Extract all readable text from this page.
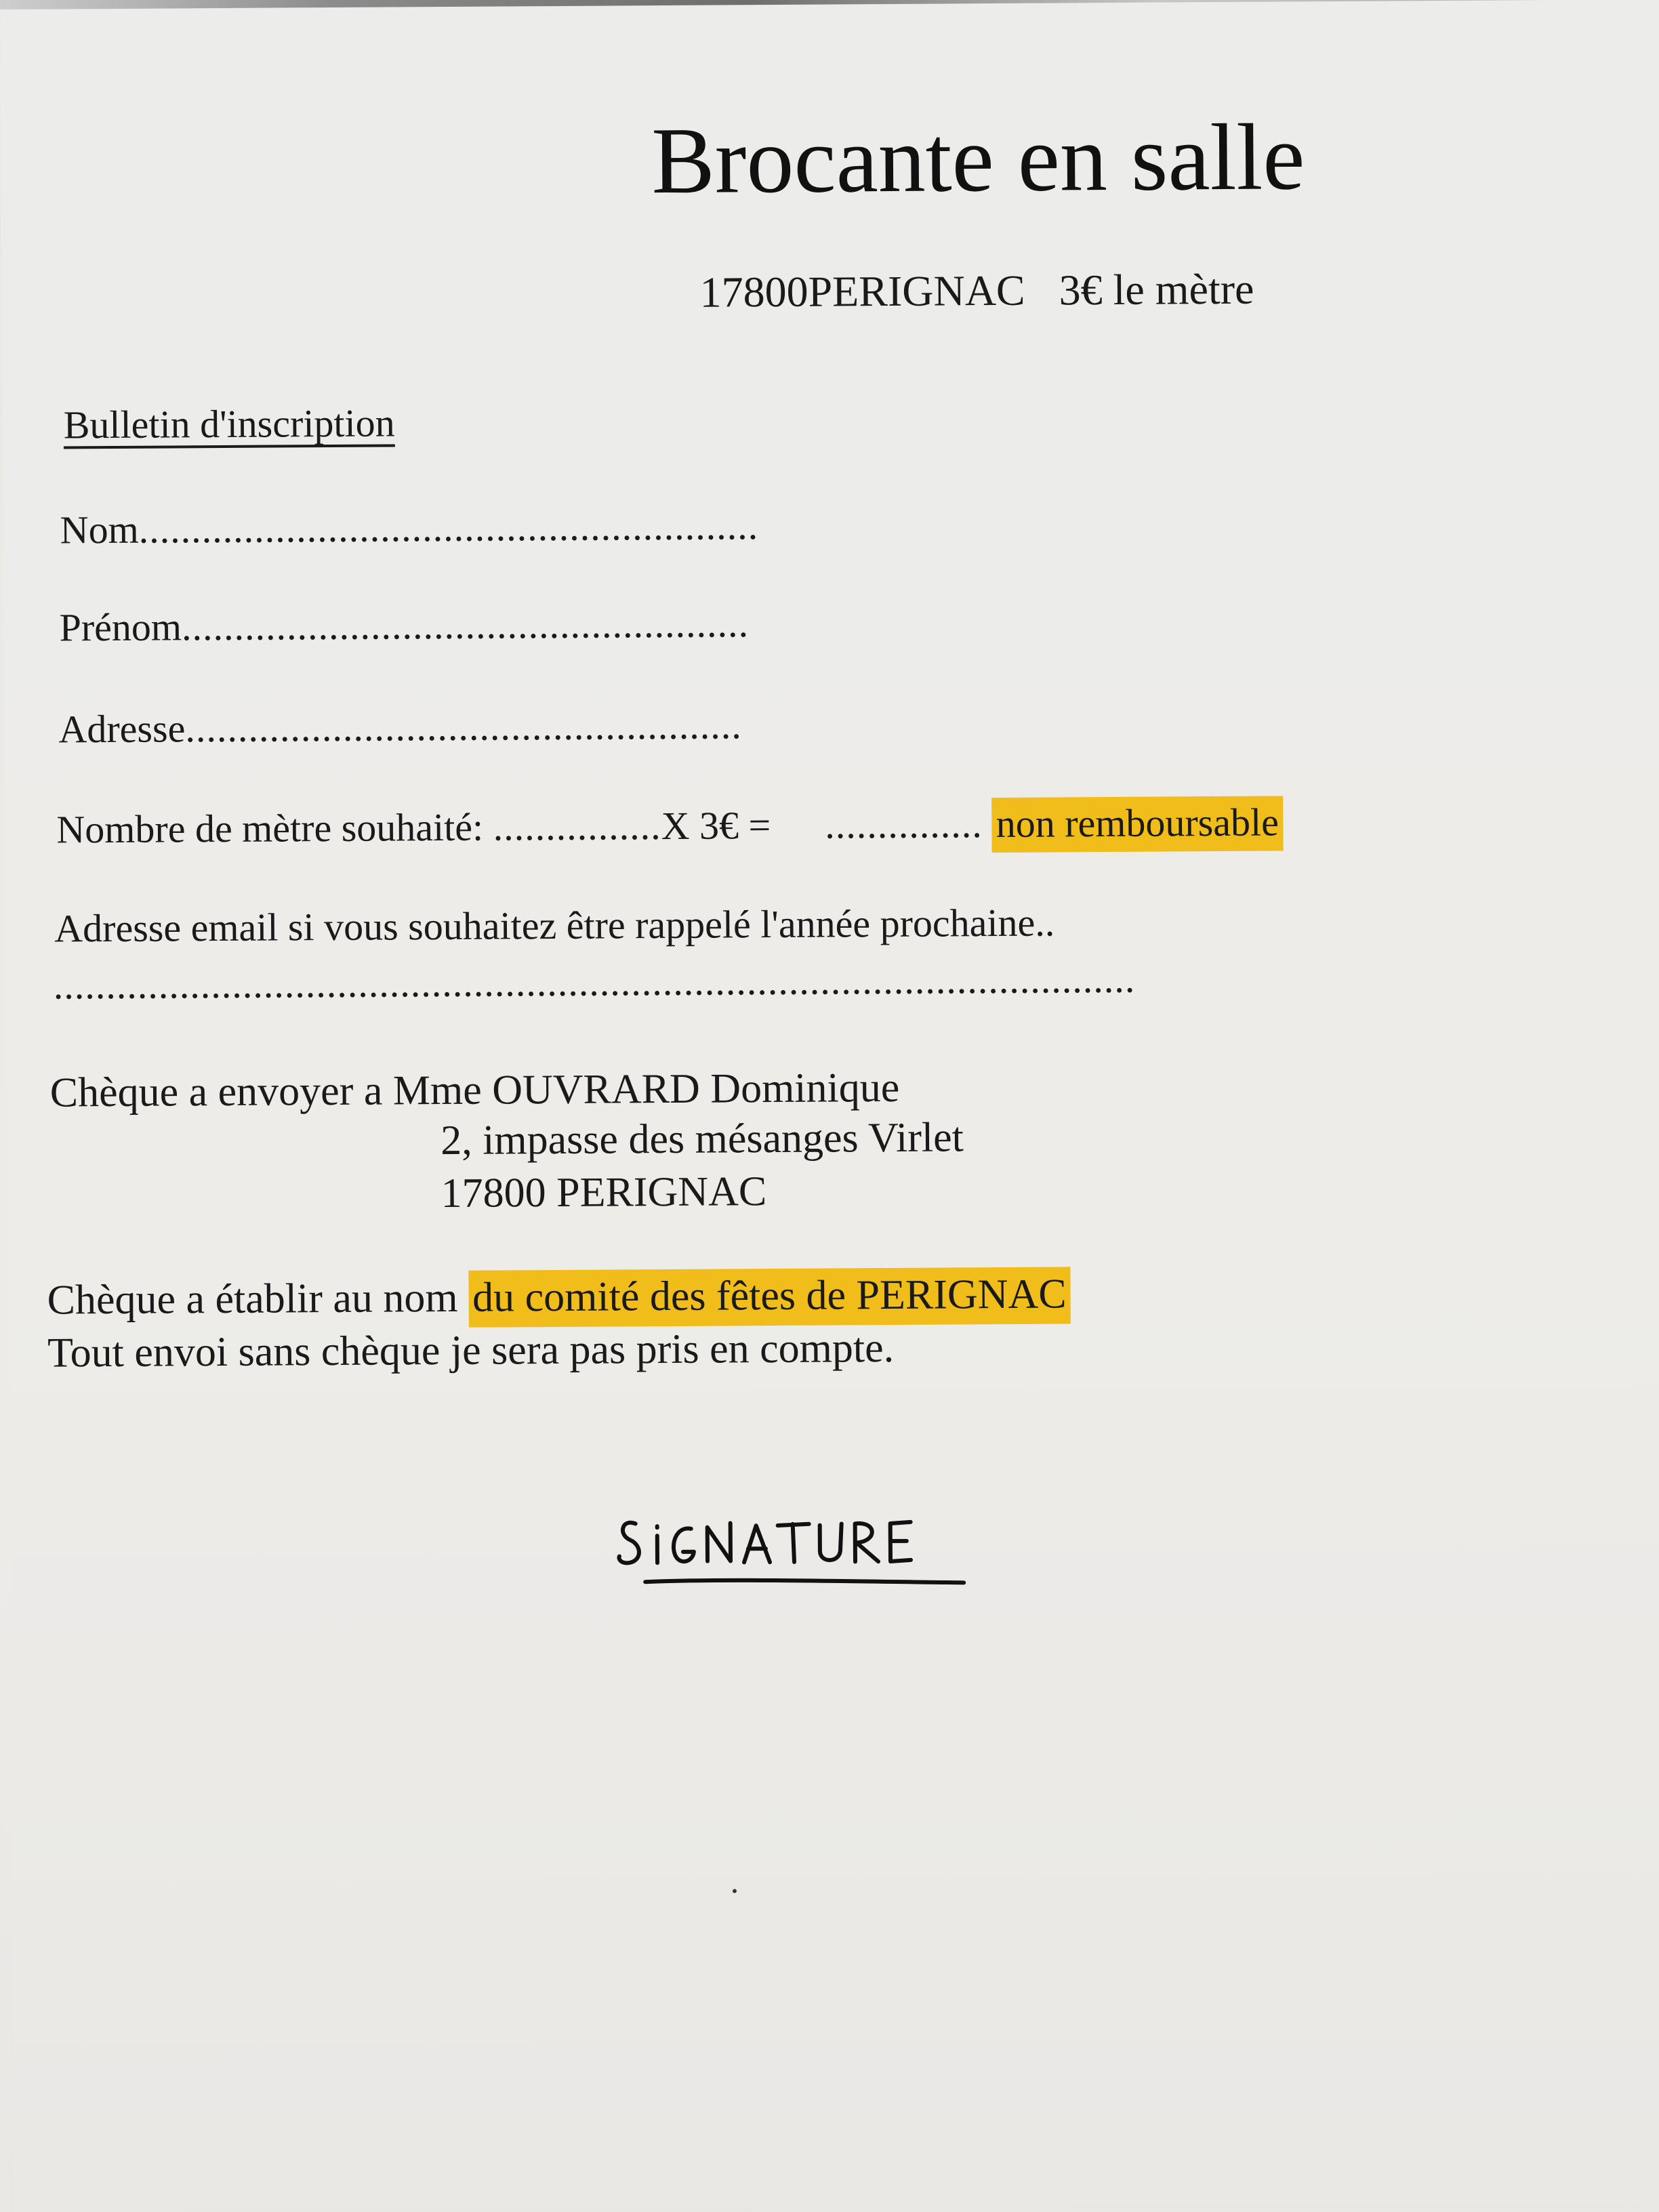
Brocante en salle
17800PERIGNAC 3€ le mètre
Bulletin d'inscription
Nom...........................................................
Prénom......................................................
Adresse.....................................................
Nombre de mètre souhaité: ................X 3€ = ............... non remboursable
Adresse email si vous souhaitez être rappelé l'année prochaine..
.......................................................................................................
Chèque a envoyer a Mme OUVRARD Dominique
2, impasse des mésanges Virlet
17800 PERIGNAC
Chèque a établir au nom du comité des fêtes de PERIGNAC
Tout envoi sans chèque je sera pas pris en compte.
